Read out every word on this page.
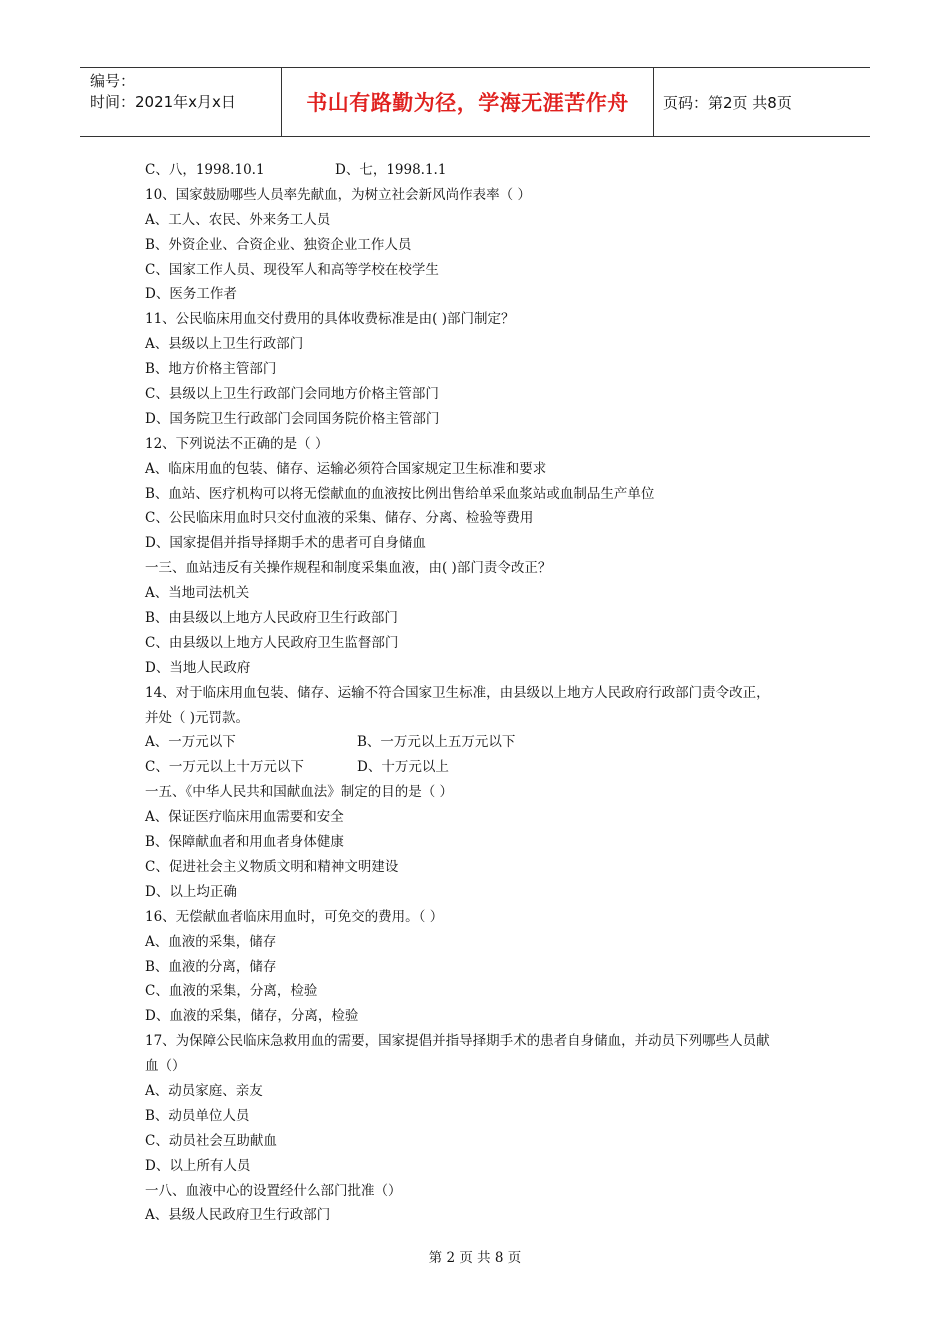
编号：
时间：2021年x月x日	书山有路勤为径，学海无涯苦作舟	页码：第2页 共8页
C、八，1998.10.1	D、七，1998.1.1
10、国家鼓励哪些人员率先献血，为树立社会新风尚作表率（ ）
A、工人、农民、外来务工人员
B、外资企业、合资企业、独资企业工作人员
C、国家工作人员、现役军人和高等学校在校学生
D、医务工作者
11、公民临床用血交付费用的具体收费标准是由( )部门制定？
A、县级以上卫生行政部门
B、地方价格主管部门
C、县级以上卫生行政部门会同地方价格主管部门
D、国务院卫生行政部门会同国务院价格主管部门
12、下列说法不正确的是（ ）
A、临床用血的包装、储存、运输必须符合国家规定卫生标准和要求
B、血站、医疗机构可以将无偿献血的血液按比例出售给单采血浆站或血制品生产单位
C、公民临床用血时只交付血液的采集、储存、分离、检验等费用
D、国家提倡并指导择期手术的患者可自身储血
一三、血站违反有关操作规程和制度采集血液，由( )部门责令改正？
A、当地司法机关
B、由县级以上地方人民政府卫生行政部门
C、由县级以上地方人民政府卫生监督部门
D、当地人民政府
14、对于临床用血包装、储存、运输不符合国家卫生标准，由县级以上地方人民政府行政部门责令改正，
并处（ )元罚款。
A、一万元以下	B、一万元以上五万元以下
C、一万元以上十万元以下	D、十万元以上
一五、《中华人民共和国献血法》制定的目的是（ ）
A、保证医疗临床用血需要和安全
B、保障献血者和用血者身体健康
C、促进社会主义物质文明和精神文明建设
D、以上均正确
16、无偿献血者临床用血时，可免交的费用。（ ）
A、血液的采集，储存
B、血液的分离，储存
C、血液的采集，分离，检验
D、血液的采集，储存，分离，检验
17、为保障公民临床急救用血的需要，国家提倡并指导择期手术的患者自身储血，并动员下列哪些人员献
血（）
A、动员家庭、亲友
B、动员单位人员
C、动员社会互助献血
D、以上所有人员
一八、血液中心的设置经什么部门批准（）
A、县级人民政府卫生行政部门
第 2 页 共 8 页
